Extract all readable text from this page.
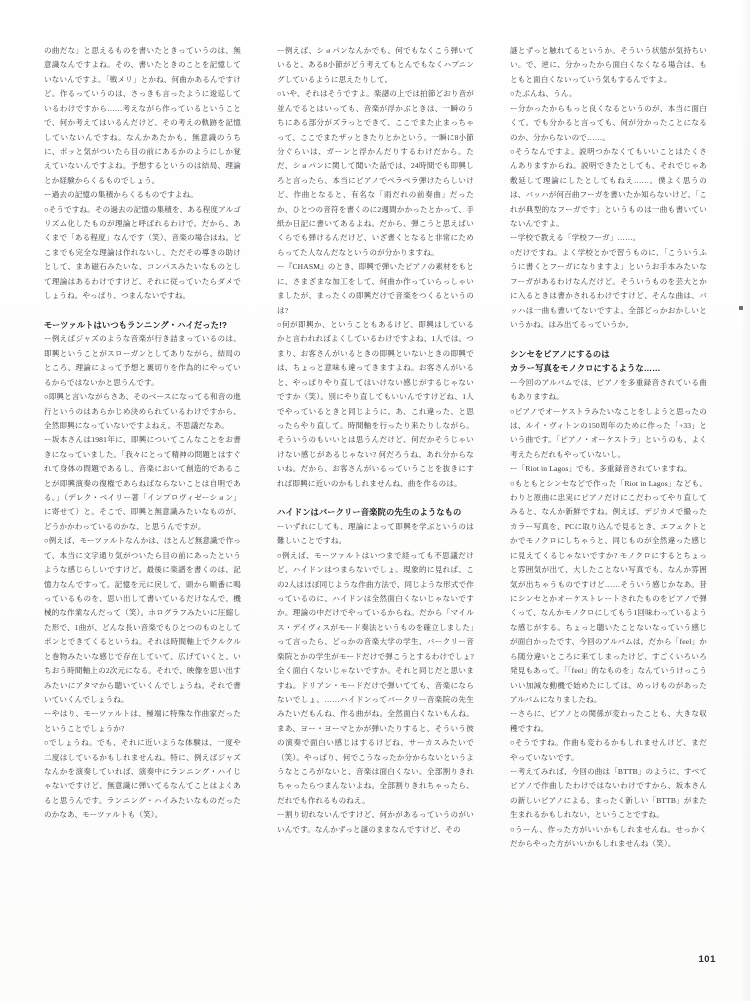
の曲だな」と思えるものを書いたときっていうのは、無意識なんですよね。その、書いたときのことを記憶していないんですよ。「戦メリ」とかね、何曲かあるんですけど。作るっていうのは、さっきも言ったように逡巡しているわけですから……考えながら作っているということで、何か考えてはいるんだけど、その考えの軌跡を記憶していないんですね。なんかあたかも、無意識のうちに、ポッと気がついたら目の前にあるかのようにしか覚えていないんですよね。予想するというのは結局、理論とか経験からくるものでしょう。

ー過去の記憶の集積からくるものですよね。

○そうですね。その過去の記憶の集積を、ある程度アルゴリズム化したものが理論と呼ばれるわけで。だから、あくまで「ある程度」なんです（笑）、音楽の場合はね。どこまでも完全な理論は作れないし、ただその導きの助けとして、まあ磁石みたいな、コンパスみたいなものとして理論はあるわけですけど、それに従っていたらダメでしょうね。やっぱり、つまんないですね。

モーツァルトはいつもランニング・ハイだった!?

ー例えばジャズのような音楽が行き詰まっているのは、即興ということがスローガンとしてありながら、結局のところ、理論によって予想と裏切りを作為的にやっているからではないかと思うんです。

○即興と言いながらさあ、そのベースになってる和音の進行というのはあらかじめ決められているわけですから、全然即興になっていないですよねえ。不思議だなあ。

ー坂本さんは1981年に、即興についてこんなことをお書きになっていました。「我々にとって精神の問題とはすぐれて身体の問題であるし、音楽において創造的であることが即興演奏の復権であらねばならないことは自明である。」（デレク・ベイリー著「インプロヴィゼーション」に寄せて）と。そこで、即興と無意識みたいなものが、どうかかわっているのかな、と思うんですが。

○例えば、モーツァルトなんかは、ほとんど無意識で作って、本当に文字通り気がついたら目の前にあったというような感じらしいですけど。最後に楽譜を書くのは、記憶力なんですって。記憶を元に戻して、頭から順番に鳴っているものを、思い出して書いているだけなんで、機械的な作業なんだって（笑）。ホログラフみたいに圧縮した形で、1曲が、どんな長い音楽でもひとつのものとしてポンとできてくるというね。それは時間軸上でクルクルと巻物みたいな感じで存在していて、広げていくと、いちおう時間軸上の2次元になる。それで、映像を思い出すみたいにアタマから聴いていくんでしょうね。それで書いていくんでしょうね。

ーやはり、モーツァルトは、極端に特殊な作曲家だったということでしょうか?

○でしょうね。でも、それに近いような体験は、一度や二度はしているかもしれませんね。特に、例えばジャズなんかを演奏していれば、演奏中にランニング・ハイじゃないですけど、無意識に弾いてるなんてことはよくあると思うんです。ランニング・ハイみたいなものだったのかなあ、モーツァルトも（笑）。

ー例えば、ショパンなんかでも、何でもなくこう弾いていると、ある8小節がどう考えてもとんでもなくハプニングしているように思えたりして。

○いや、それはそうですよ。楽譜の上では拍節どおり音が並んでるとはいっても、音楽が浮かぶときは、一瞬のうちにある部分がズラっとできて、ここでまた止まっちゃって、ここでまたザッときたりとかという。一瞬に8小節分ぐらいは、ガーンと浮かんだりするわけだから。ただ、ショパンに関して聞いた話では、24時間でも即興しろと言ったら、本当にピアノでペラペラ弾けたらしいけど、作曲となると、有名な「雨だれの前奏曲」だったか、ひとつの音符を書くのに2週間かかったとかって、手紙か日記に書いてあるよね。だから、弾こうと思えばいくらでも弾けるんだけど、いざ書くとなると非常にためらってた人なんだなというのが分かりますね。

ー『CHASM』のとき、即興で弾いたピアノの素材をもとに、さまざまな加工をして、何曲か作っていらっしゃいましたが、まったくの即興だけで音楽をつくるというのは?

○何が即興か、ということもあるけど、即興はしているかと言われればよくしているわけですよね、1人では。つまり、お客さんがいるときの即興といないときの即興では、ちょっと意味も違ってきますよね。お客さんがいると、やっぱりやり直してはいけない感じがするじゃないですか（笑）。別にやり直してもいいんですけどね、1人でやっているときと同じように。あ、これ違った、と思ったらやり直して。時間軸を行ったり来たりしながら。そういうのもいいとは思うんだけど、何だかそうじゃいけない感じがあるじゃない? 何だろうね、あれ分からないね。だから、お客さんがいるっていうことを抜きにすれば即興に近いのかもしれませんね、曲を作るのは。

ハイドンはバークリー音楽院の先生のようなもの

ーいずれにしても、理論によって即興を学ぶというのは難しいことですね。

○例えば、モーツァルトはいつまで経っても不思議だけど、ハイドンはつまらないでしょ。現象的に見れば、この2人はほぼ同じような作曲方法で、同じような形式で作っているのに、ハイドンは全然面白くないじゃないですか。理論の中だけでやっているからね。だから「マイルス・デイヴィスがモード奏法というものを確立しました」って言ったら、どっかの音楽大学の学生、バークリー音楽院とかの学生がモードだけで弾こうとするわけでしょ? 全く面白くないじゃないですか。それと同じだと思いますね。ドリアン・モードだけで弾いてても、音楽にならないでしょ。……ハイドンってバークリー音楽院の先生みたいだもんね、作る曲がね。全然面白くないもんね。まあ、ヨー・ヨーマとかが弾いたりすると、そういう彼の演奏で面白い感じはするけどね、サーカスみたいで（笑）。やっぱり、何でこうなったか分からないというようなところがないと、音楽は面白くない。全部割りきれちゃったらつまんないよね。全部割りきれちゃったら、だれでも作れるものねえ。

ー割り切れないんですけど、何かがあるっていうのがいいんです。なんかずっと謎のままなんですけど、その

謎とずっと触れてるというか。そういう状態が気持ちいい。で、逆に、分かったから面白くなくなる場合は、もともと面白くないっていう気もするんですよ。

○たぶんね、うん。

ー分かったからもっと良くなるというのが、本当に面白くて。でも分かると言っても、何が分かったことになるのか、分からないので……。

○そうなんですよ。説明つかなくてもいいことはたくさんありますからね。説明できたとしても、それでじゃあ敷延して理論にしたとしてもねえ……。僕よく思うのは、バッハが何百曲フーガを書いたか知らないけど、「これが典型的なフーガです」というものは一曲も書いていないんですよ。

ー学校で教える「学校フーガ」……。

○だけですね。よく学校とかで習うものに、「こういうふうに書くとフーガになりますよ」というお手本みたいなフーガがあるわけなんだけど。そういうものを芸大とかに入るときは書かされるわけですけど、そんな曲は、バッハは一曲も書いてないですよ。全部どっかおかしいというかね。はみ出てるっていうか。

シンセをピアノにするのは

カラー写真をモノクロにするような……

ー今回のアルバムでは、ピアノを多重録音されている曲もありますね。

○ピアノでオーケストラみたいなことをしようと思ったのは、ルイ・ヴィトンの150周年のために作った「+33」という曲です。「ピアノ・オーケストラ」というのも、よく考えたらだれもやっていないし。

ー「Riot in Lagos」でも、多重録音されていますね。

○もともとシンセなどで作った「Riot in Lagos」なども、わりと原曲に忠実にピアノだけにこだわってやり直してみると、なんか新鮮ですね。例えば、デジカメで撮ったカラー写真を、PCに取り込んで見るとき、エフェクトとかでモノクロにしちゃうと、同じものが全然違った感じに見えてくるじゃないですか? モノクロにするとちょっと雰囲気が出て、大したことない写真でも、なんか雰囲気が出ちゃうものですけど……そういう感じかなあ。昔にシンセとかオーケストレートされたものをピアノで弾くって、なんかモノクロにしてもう1回味わっているような感じがする。ちょっと聴いたことないなっていう感じが面白かったです、今回のアルバムは。だから「feel」から随分違いところに来てしまったけど、すごくいろいろ発見もあって。「「feel」的なものを」なんていうけっこういい加減な動機で始めたにしては、めっけものがあったアルバムになりましたね。

ーさらに、ピアノとの関係が変わったことも、大きな収穫ですね。

○そうですね。作曲も変わるかもしれませんけど、まだやっていないです。

ー考えてみれば、今回の曲は「BTTB」のように、すべてピアノで作曲したわけではないわけですから、坂本さんの新しいピアノによる、まったく新しい「BTTB」がまた生まれるかもしれない、ということですね。

○うーん、作った方がいいかもしれませんね。せっかくだからやった方がいいかもしれませんね（笑）。

101
